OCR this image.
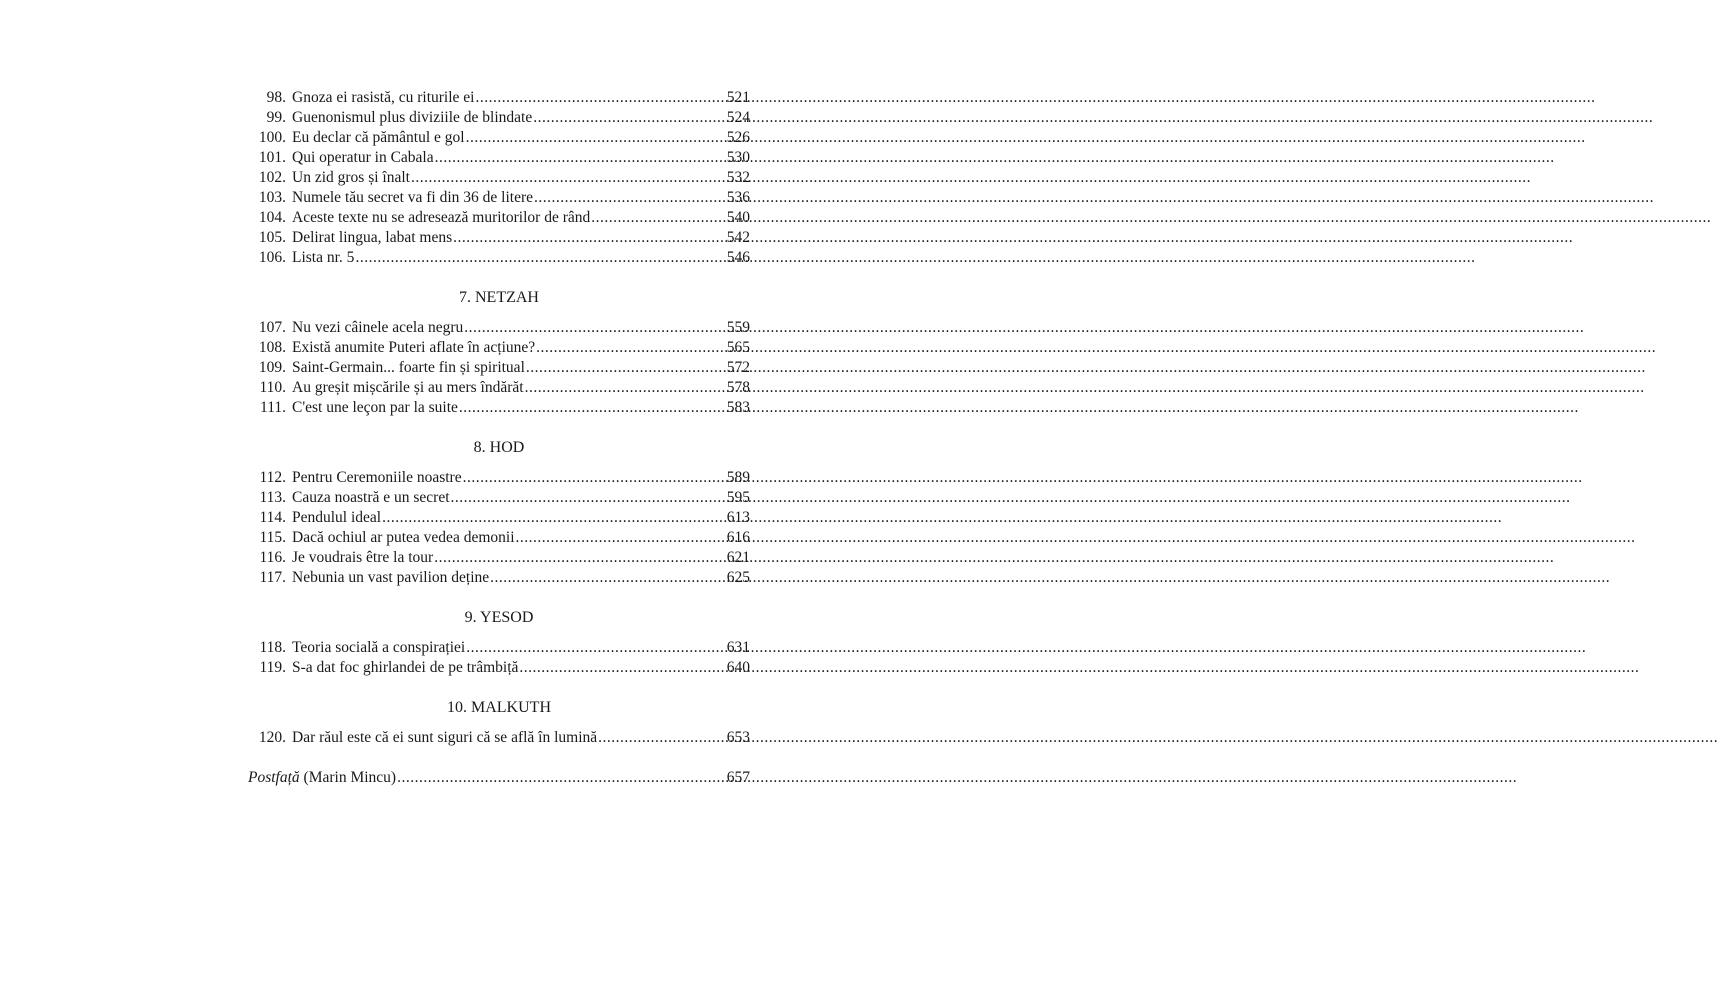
98. Gnoza ei rasistă, cu riturile ei .....	521
99. Guenonismul plus diviziile de blindate .....	524
100. Eu declar că pământul e gol .....	526
101. Qui operatur in Cabala .....	530
102. Un zid gros și înalt .....	532
103. Numele tău secret va fi din 36 de litere .....	536
104. Aceste texte nu se adresează muritorilor de rând .....	540
105. Delirat lingua, labat mens .....	542
106. Lista nr. 5 .....	546
7. NETZAH
107. Nu vezi câinele acela negru .....	559
108. Există anumite Puteri aflate în acțiune? .....	565
109. Saint-Germain... foarte fin și spiritual .....	572
110. Au greșit mișcările și au mers îndărăt .....	578
111. C'est une leçon par la suite .....	583
8. HOD
112. Pentru Ceremoniile noastre .....	589
113. Cauza noastră e un secret .....	595
114. Pendulul ideal .....	613
115. Dacă ochiul ar putea vedea demonii .....	616
116. Je voudrais être la tour .....	621
117. Nebunia un vast pavilion deține .....	625
9. YESOD
118. Teoria socială a conspirației .....	631
119. S-a dat foc ghirlandei de pe trâmbiță .....	640
10. MALKUTH
120. Dar răul este că ei sunt siguri că se află în lumină .....	653
Postfață (Marin Mincu) .....	657
